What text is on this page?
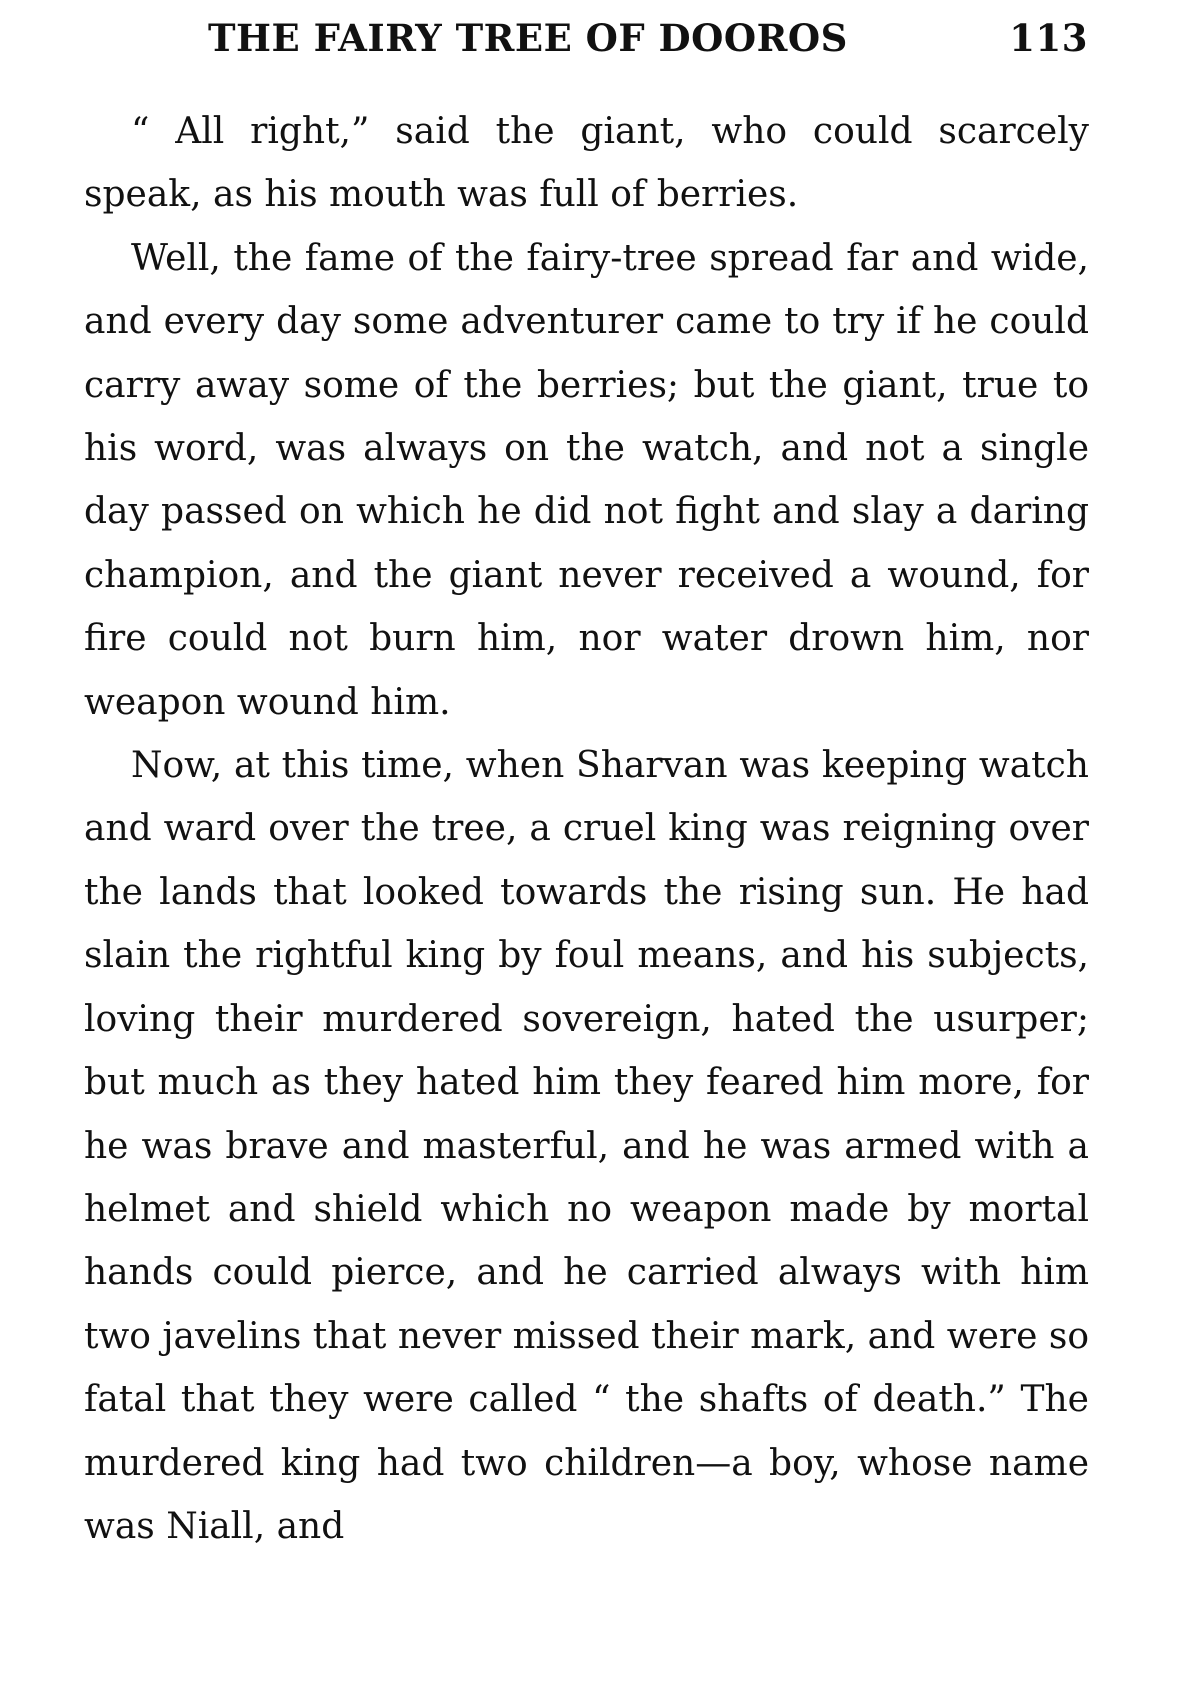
THE FAIRY TREE OF DOOROS	113

“ All right,” said the giant, who could scarcely speak, as his mouth was full of berries.

Well, the fame of the fairy-tree spread far and wide, and every day some adventurer came to try if he could carry away some of the berries; but the giant, true to his word, was always on the watch, and not a single day passed on which he did not fight and slay a daring champion, and the giant never received a wound, for fire could not burn him, nor water drown him, nor weapon wound him.

Now, at this time, when Sharvan was keeping watch and ward over the tree, a cruel king was reigning over the lands that looked towards the rising sun. He had slain the rightful king by foul means, and his subjects, loving their murdered sovereign, hated the usurper; but much as they hated him they feared him more, for he was brave and masterful, and he was armed with a helmet and shield which no weapon made by mortal hands could pierce, and he carried always with him two javelins that never missed their mark, and were so fatal that they were called “ the shafts of death.” The murdered king had two children—a boy, whose name was Niall, and
